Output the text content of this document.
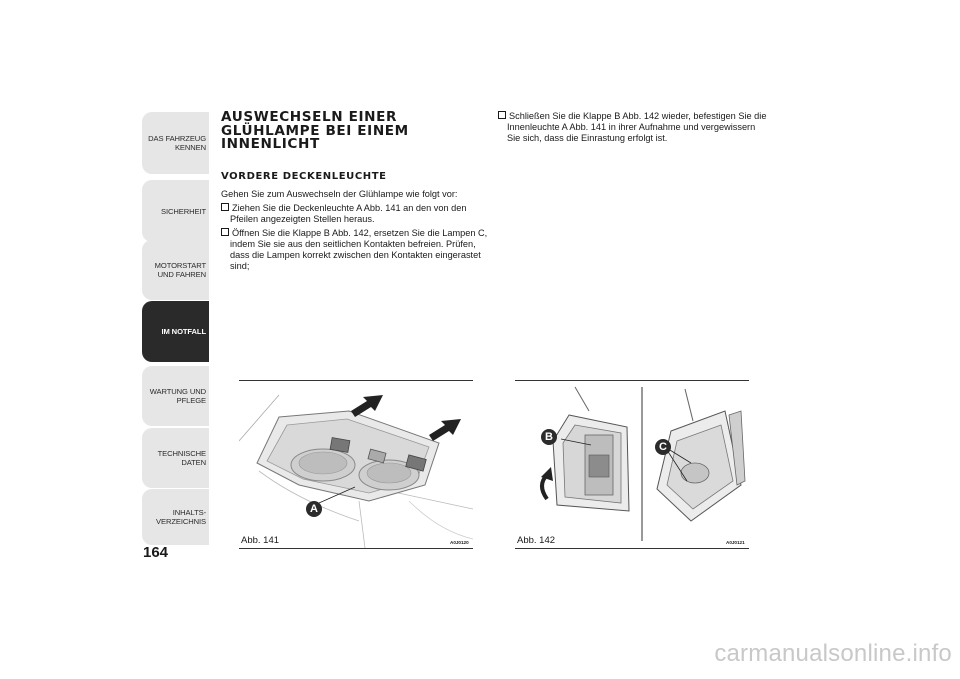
DAS FAHRZEUG KENNEN
SICHERHEIT
MOTORSTART UND FAHREN
IM NOTFALL
WARTUNG UND PFLEGE
TECHNISCHE DATEN
INHALTS-VERZEICHNIS
164
AUSWECHSELN EINER GLÜHLAMPE BEI EINEM INNENLICHT
VORDERE DECKENLEUCHTE
Gehen Sie zum Auswechseln der Glühlampe wie folgt vor:
Ziehen Sie die Deckenleuchte A Abb. 141 an den von den Pfeilen angezeigten Stellen heraus.
Öffnen Sie die Klappe B Abb. 142, ersetzen Sie die Lampen C, indem Sie sie aus den seitlichen Kontakten befreien. Prüfen, dass die Lampen korrekt zwischen den Kontakten eingerastet sind;
Schließen Sie die Klappe B Abb. 142 wieder, befestigen Sie die Innenleuchte A Abb. 141 in ihrer Aufnahme und vergewissern Sie sich, dass die Einrastung erfolgt ist.
A
Abb. 141	A0J0120
B
C
Abb. 142	A0J0121
carmanualsonline.info
